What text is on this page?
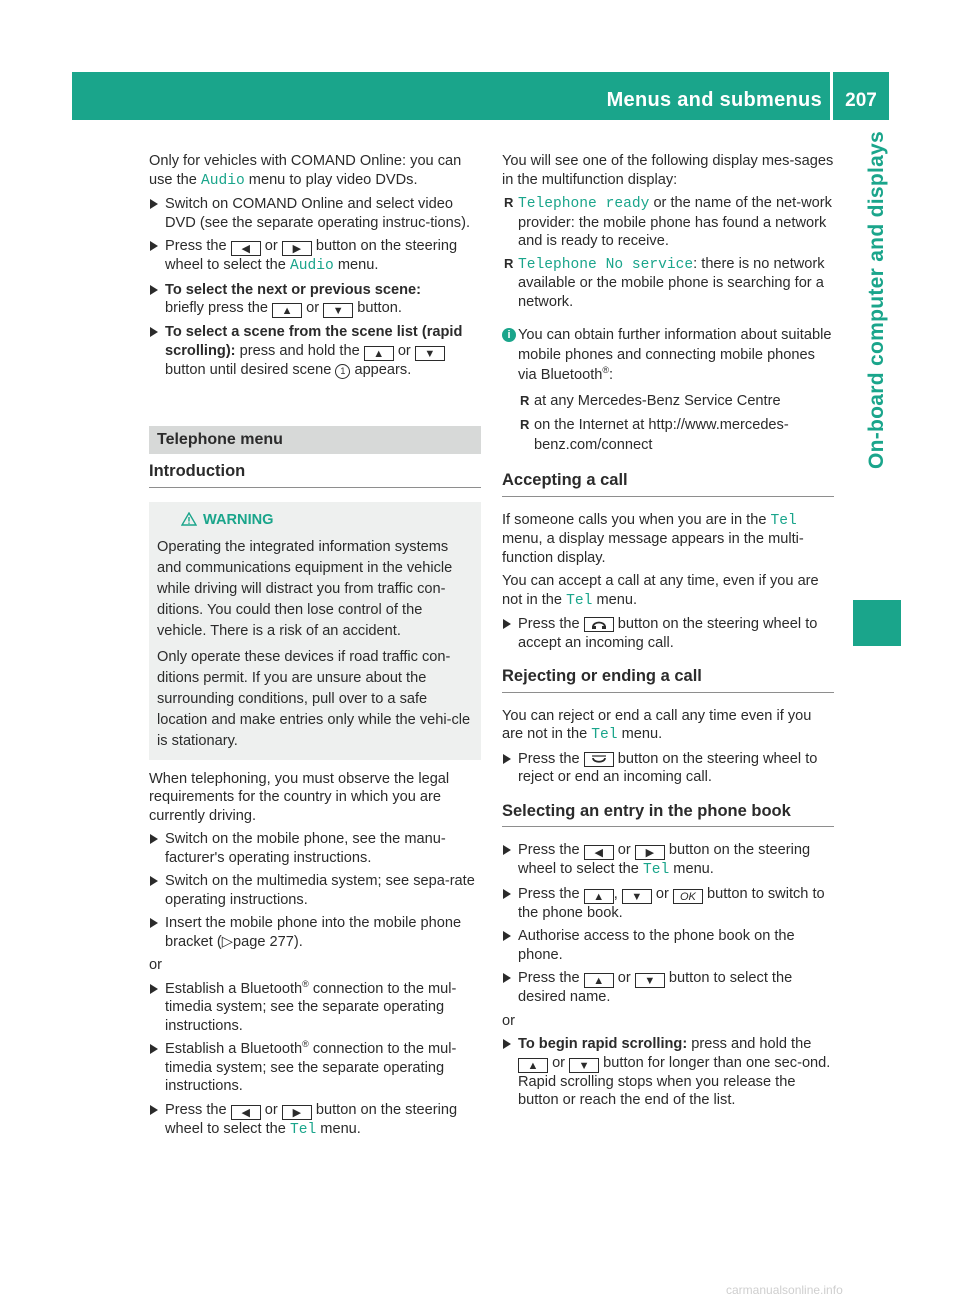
Menus and submenus	207
On-board computer and displays

Only for vehicles with COMAND Online: you can use the Audio menu to play video DVDs.

Switch on COMAND Online and select video DVD (see the separate operating instruc-tions).
Press the ◀ or ▶ button on the steering wheel to select the Audio menu.
To select the next or previous scene:
briefly press the ▲ or ▼ button.
To select a scene from the scene list (rapid scrolling): press and hold the ▲ or ▼ button until desired scene 1 appears.
Telephone menu
Introduction
WARNING

Operating the integrated information systems and communications equipment in the vehicle while driving will distract you from traffic con-ditions. You could then lose control of the vehicle. There is a risk of an accident.

Only operate these devices if road traffic con-ditions permit. If you are unsure about the surrounding conditions, pull over to a safe location and make entries only while the vehi-cle is stationary.

When telephoning, you must observe the legal requirements for the country in which you are currently driving.

Switch on the mobile phone, see the manu-facturer's operating instructions.
Switch on the multimedia system; see sepa-rate operating instructions.
Insert the mobile phone into the mobile phone bracket (▷page 277).

or

Establish a Bluetooth® connection to the mul-timedia system; see the separate operating instructions.
Establish a Bluetooth® connection to the mul-timedia system; see the separate operating instructions.
Press the ◀ or ▶ button on the steering wheel to select the Tel menu.

You will see one of the following display mes-sages in the multifunction display:

R Telephone ready or the name of the net-work provider: the mobile phone has found a network and is ready to receive.
R Telephone No service: there is no network available or the mobile phone is searching for a network.

i You can obtain further information about suitable mobile phones and connecting mobile phones via Bluetooth®:

R at any Mercedes-Benz Service Centre
R on the Internet at http://www.mercedes-benz.com/connect
Accepting a call

If someone calls you when you are in the Tel menu, a display message appears in the multi-function display.

You can accept a call at any time, even if you are not in the Tel menu.

Press the	button on the steering wheel to accept an incoming call.
Rejecting or ending a call

You can reject or end a call any time even if you are not in the Tel menu.

Press the	button on the steering wheel to reject or end an incoming call.
Selecting an entry in the phone book
Press the ◀ or ▶ button on the steering wheel to select the Tel menu.
Press the ▲ , ▼ or OK button to switch to the phone book.
Authorise access to the phone book on the phone.
Press the ▲ or ▼ button to select the desired name.

or

To begin rapid scrolling: press and hold the ▲ or ▼ button for longer than one sec-ond.
Rapid scrolling stops when you release the button or reach the end of the list.
carmanualsonline.info
